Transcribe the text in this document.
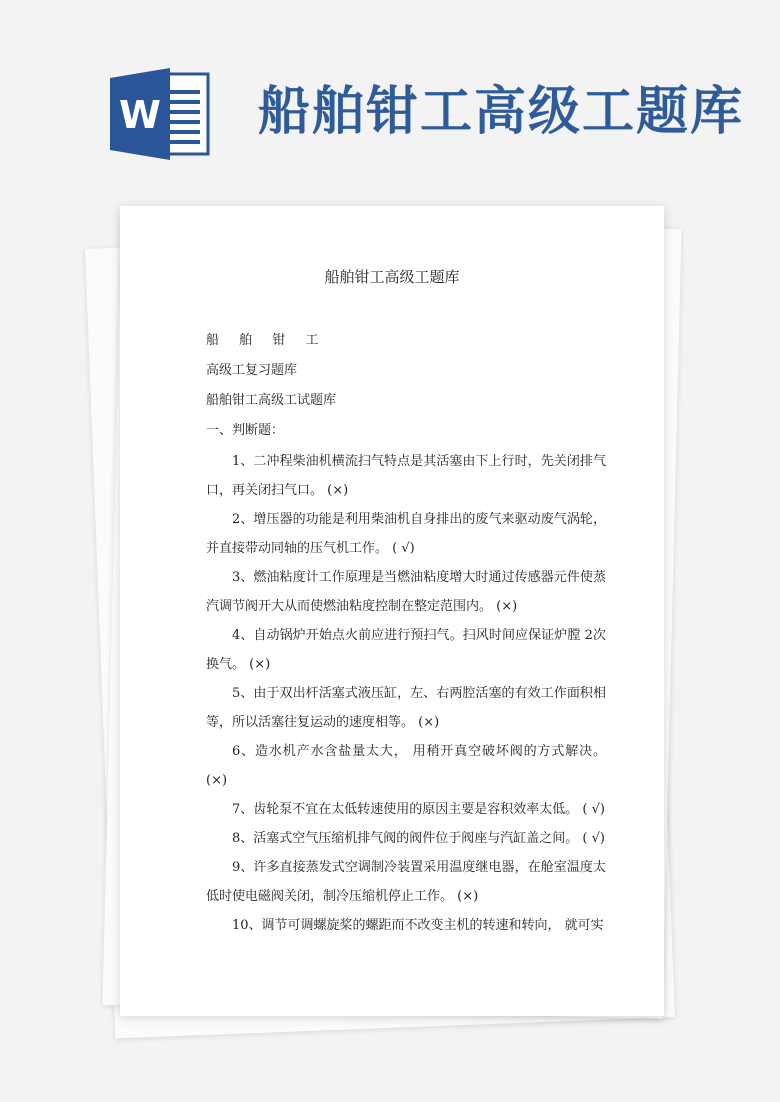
W 船舶钳工高级工题库
船舶钳工高级工题库
船 舶 钳 工
高级工复习题库
船舶钳工高级工试题库
一、判断题：

1、二冲程柴油机横流扫气特点是其活塞由下上行时，先关闭排气口，再关闭扫气口。 (×)

2、增压器的功能是利用柴油机自身排出的废气来驱动废气涡轮，并直接带动同轴的压气机工作。 ( √)

3、燃油粘度计工作原理是当燃油粘度增大时通过传感器元件使蒸汽调节阀开大从而使燃油粘度控制在整定范围内。 (×)

4、自动锅炉开始点火前应进行预扫气。扫风时间应保证炉膛 2次换气。 (×)

5、由于双出杆活塞式液压缸，左、右两腔活塞的有效工作面积相等，所以活塞往复运动的速度相等。 (×)

6、造水机产水含盐量太大， 用稍开真空破坏阀的方式解决。 (×)

7、齿轮泵不宜在太低转速使用的原因主要是容积效率太低。 ( √)

8、活塞式空气压缩机排气阀的阀件位于阀座与汽缸盖之间。 ( √)

9、许多直接蒸发式空调制冷装置采用温度继电器，在舱室温度太低时使电磁阀关闭，制冷压缩机停止工作。 (×)

10、调节可调螺旋桨的螺距而不改变主机的转速和转向， 就可实
